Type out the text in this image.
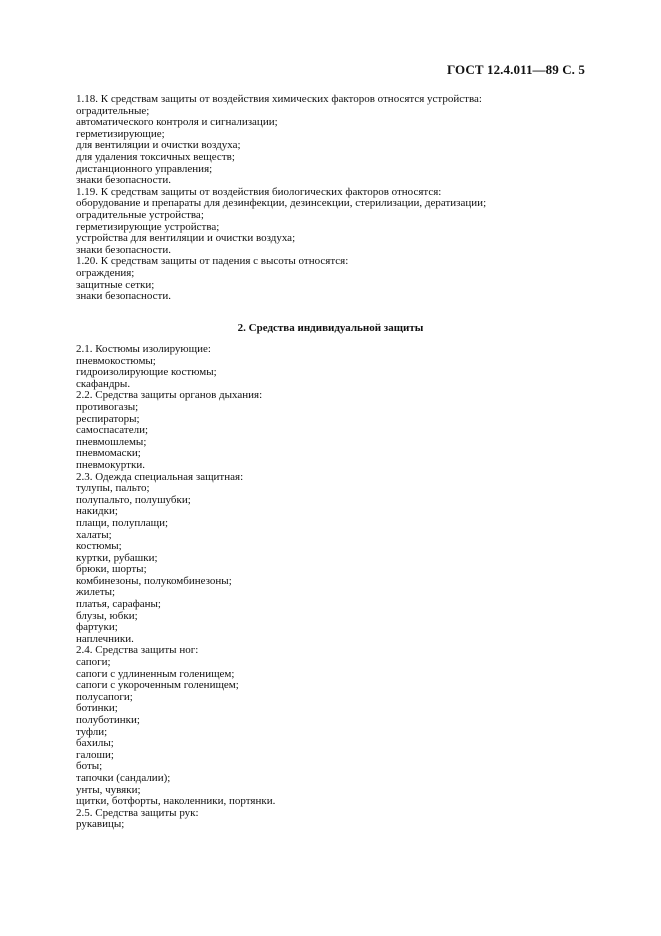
ГОСТ 12.4.011—89 С. 5
1.18. К средствам защиты от воздействия химических факторов относятся устройства:
оградительные;
автоматического контроля и сигнализации;
герметизирующие;
для вентиляции и очистки воздуха;
для удаления токсичных веществ;
дистанционного управления;
знаки безопасности.
1.19. К средствам защиты от воздействия биологических факторов относятся:
оборудование и препараты для дезинфекции, дезинсекции, стерилизации, дератизации;
оградительные устройства;
герметизирующие устройства;
устройства для вентиляции и очистки воздуха;
знаки безопасности.
1.20. К средствам защиты от падения с высоты относятся:
ограждения;
защитные сетки;
знаки безопасности.
2. Средства индивидуальной защиты
2.1. Костюмы изолирующие:
пневмокостюмы;
гидроизолирующие костюмы;
скафандры.
2.2. Средства защиты органов дыхания:
противогазы;
респираторы;
самоспасатели;
пневмошлемы;
пневмомаски;
пневмокуртки.
2.3. Одежда специальная защитная:
тулупы, пальто;
полупальто, полушубки;
накидки;
плащи, полуплащи;
халаты;
костюмы;
куртки, рубашки;
брюки, шорты;
комбинезоны, полукомбинезоны;
жилеты;
платья, сарафаны;
блузы, юбки;
фартуки;
наплечники.
2.4. Средства защиты ног:
сапоги;
сапоги с удлиненным голенищем;
сапоги с укороченным голенищем;
полусапоги;
ботинки;
полуботинки;
туфли;
бахилы;
галоши;
боты;
тапочки (сандалии);
унты, чувяки;
щитки, ботфорты, наколенники, портянки.
2.5. Средства защиты рук:
рукавицы;
